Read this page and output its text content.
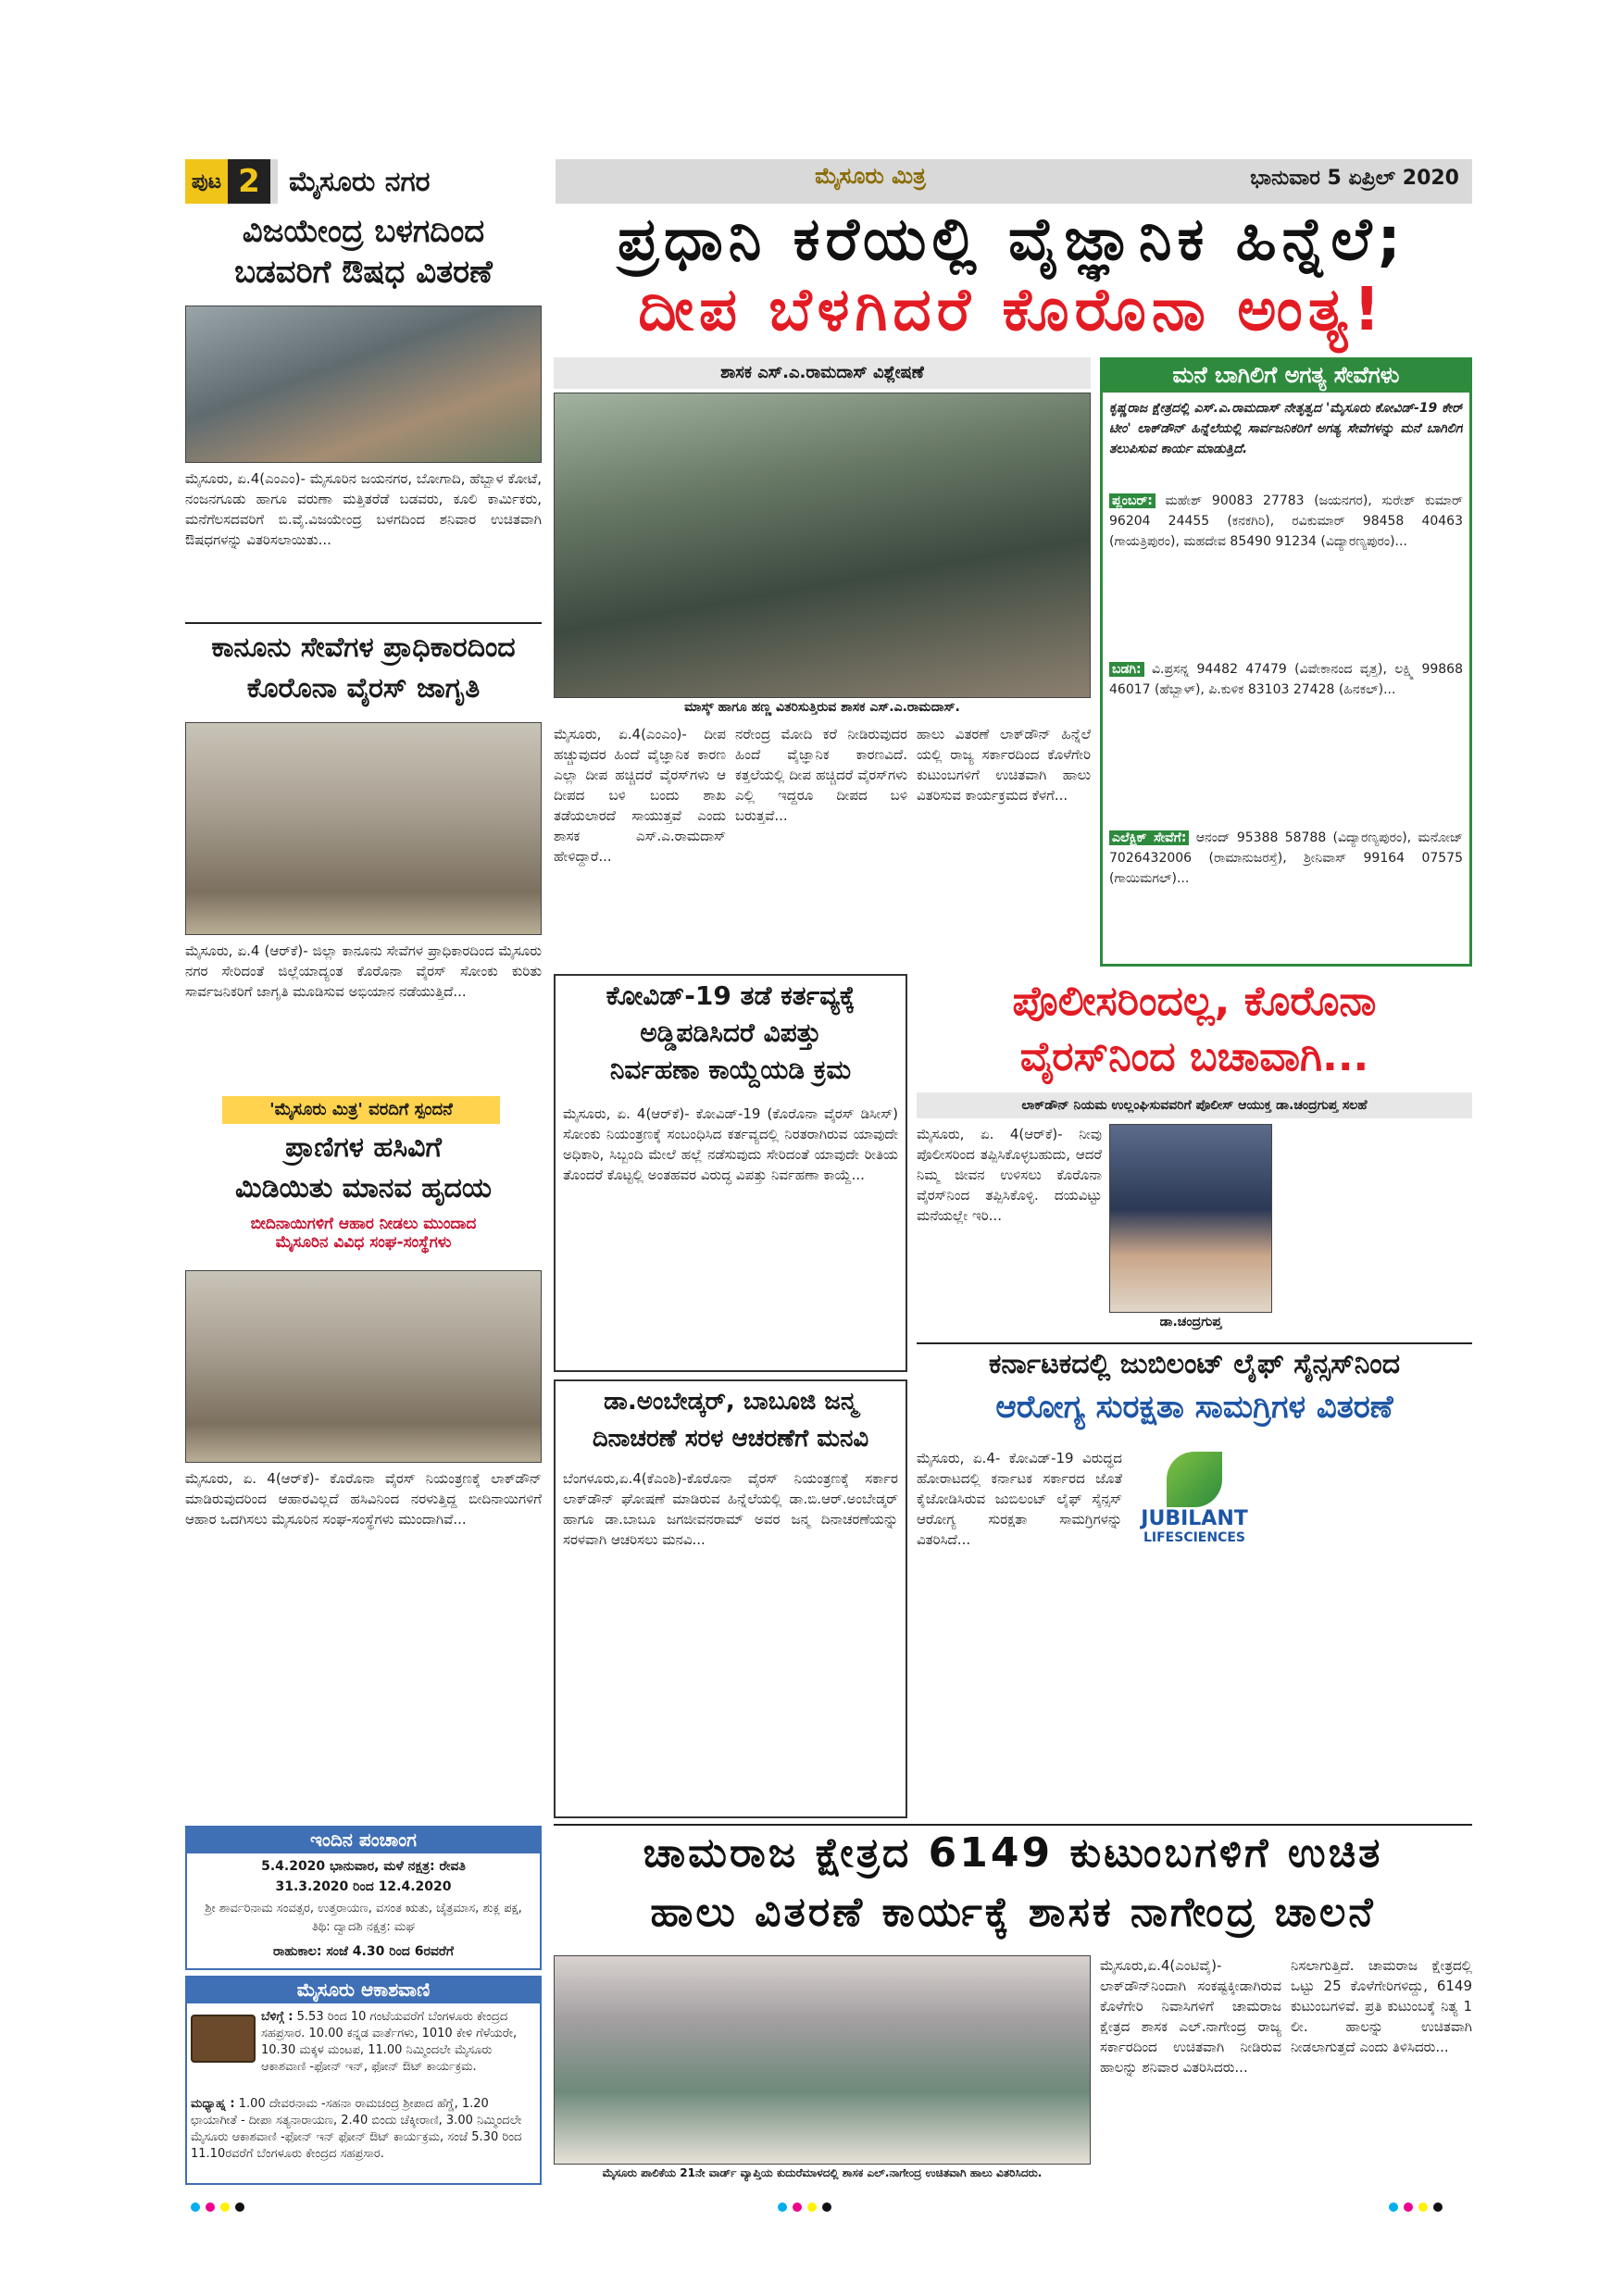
ಪುಟ 2	ಮೈಸೂರು ನಗರ	ಮೈಸೂರು ಮಿತ್ರ	ಭಾನುವಾರ 5 ಏಪ್ರಿಲ್ 2020
ವಿಜಯೇಂದ್ರ ಬಳಗದಿಂದ
ಬಡವರಿಗೆ ಔಷಧ ವಿತರಣೆ
ಮೈಸೂರು, ಏ.4(ಎಂಎಂ)- ಮೈಸೂರಿನ ಜಯನಗರ, ಬೋಗಾದಿ, ಹೆಬ್ಬಾಳ ಕೋಟೆ, ನಂಜನಗೂಡು ಹಾಗೂ ವರುಣಾ ಮತ್ತಿತರೆಡೆ ಬಡವರು, ಕೂಲಿ ಕಾರ್ಮಿಕರು, ಮನೆಗೆಲಸದವರಿಗೆ ಬಿ.ವೈ.ವಿಜಯೇಂದ್ರ ಬಳಗದಿಂದ ಶನಿವಾರ ಉಚಿತವಾಗಿ ಔಷಧಗಳನ್ನು ವಿತರಿಸಲಾಯಿತು...
ಕಾನೂನು ಸೇವೆಗಳ ಪ್ರಾಧಿಕಾರದಿಂದ
ಕೊರೊನಾ ವೈರಸ್ ಜಾಗೃತಿ
ಮೈಸೂರು, ಏ.4 (ಆರ್‌ಕೆ)- ಜಿಲ್ಲಾ ಕಾನೂನು ಸೇವೆಗಳ ಪ್ರಾಧಿಕಾರದಿಂದ ಮೈಸೂರು ನಗರ ಸೇರಿದಂತೆ ಜಿಲ್ಲೆಯಾದ್ಯಂತ ಕೊರೊನಾ ವೈರಸ್ ಸೋಂಕು ಕುರಿತು ಸಾರ್ವಜನಿಕರಿಗೆ ಜಾಗೃತಿ ಮೂಡಿಸುವ ಅಭಿಯಾನ ನಡೆಯುತ್ತಿದೆ...
'ಮೈಸೂರು ಮಿತ್ರ' ವರದಿಗೆ ಸ್ಪಂದನೆ
ಪ್ರಾಣಿಗಳ ಹಸಿವಿಗೆ
ಮಿಡಿಯಿತು ಮಾನವ ಹೃದಯ
ಬೀದಿನಾಯಿಗಳಿಗೆ ಆಹಾರ ನೀಡಲು ಮುಂದಾದ
ಮೈಸೂರಿನ ವಿವಿಧ ಸಂಘ-ಸಂಸ್ಥೆಗಳು
ಮೈಸೂರು, ಏ. 4(ಆರ್‌ಕೆ)- ಕೊರೊನಾ ವೈರಸ್ ನಿಯಂತ್ರಣಕ್ಕೆ ಲಾಕ್‌ಡೌನ್ ಮಾಡಿರುವುದರಿಂದ ಆಹಾರವಿಲ್ಲದೆ ಹಸಿವಿನಿಂದ ನರಳುತ್ತಿದ್ದ ಬೀದಿನಾಯಿಗಳಿಗೆ ಆಹಾರ ಒದಗಿಸಲು ಮೈಸೂರಿನ ಸಂಘ-ಸಂಸ್ಥೆಗಳು ಮುಂದಾಗಿವೆ...
ಇಂದಿನ ಪಂಚಾಂಗ
5.4.2020 ಭಾನುವಾರ, ಮಳೆ ನಕ್ಷತ್ರ: ರೇವತಿ
31.3.2020 ರಿಂದ 12.4.2020
ಶ್ರೀ ಶಾರ್ವರಿನಾಮ ಸಂವತ್ಸರ, ಉತ್ತರಾಯಣ, ವಸಂತ ಋತು, ಚೈತ್ರಮಾಸ, ಶುಕ್ಲ ಪಕ್ಷ, ತಿಥಿ: ದ್ವಾದಶಿ ನಕ್ಷತ್ರ: ಮಘ
ರಾಹುಕಾಲ: ಸಂಜೆ 4.30 ರಿಂದ 6ರವರೆಗೆ
ಮೈಸೂರು ಆಕಾಶವಾಣಿ
ಬೆಳಿಗ್ಗೆ : 5.53 ರಿಂದ 10 ಗಂಟೆಯವರೆಗೆ ಬೆಂಗಳೂರು ಕೇಂದ್ರದ ಸಹಪ್ರಸಾರ. 10.00 ಕನ್ನಡ ವಾರ್ತೆಗಳು, 1010 ಕೇಳಿ ಗೆಳೆಯರೇ, 10.30 ಮಕ್ಕಳ ಮಂಟಪ, 11.00 ನಿಮ್ಮಿಂದಲೇ ಮೈಸೂರು ಆಕಾಶವಾಣಿ -ಫೋನ್ ಇನ್, ಫೋನ್ ಔಟ್ ಕಾರ್ಯಕ್ರಮ.
ಮಧ್ಯಾಹ್ನ : 1.00 ದೇವರನಾಮ -ಸಹನಾ ರಾಮಚಂದ್ರ ಶ್ರೀಪಾದ ಹೆಗ್ಡೆ, 1.20 ಛಾಯಾಗೀತೆ - ದೀಪಾ ಸತ್ಯನಾರಾಯಣ, 2.40 ಬಿಂದು ಚೆಕ್ಕೀರಾಣಿ, 3.00 ನಿಮ್ಮಿಂದಲೇ ಮೈಸೂರು ಆಕಾಶವಾಣಿ -ಫೋನ್ ಇನ್ ಫೋನ್ ಔಟ್ ಕಾರ್ಯಕ್ರಮ, ಸಂಜೆ 5.30 ರಿಂದ 11.10ರವರೆಗೆ ಬೆಂಗಳೂರು ಕೇಂದ್ರದ ಸಹಪ್ರಸಾರ.
ಪ್ರಧಾನಿ ಕರೆಯಲ್ಲಿ ವೈಜ್ಞಾನಿಕ ಹಿನ್ನೆಲೆ;
ದೀಪ ಬೆಳಗಿದರೆ ಕೊರೊನಾ ಅಂತ್ಯ!
ಶಾಸಕ ಎಸ್.ಎ.ರಾಮದಾಸ್ ವಿಶ್ಲೇಷಣೆ
ಮಾಸ್ಕ್ ಹಾಗೂ ಹಣ್ಣ ವಿತರಿಸುತ್ತಿರುವ ಶಾಸಕ ಎಸ್.ಎ.ರಾಮದಾಸ್.
ಮೈಸೂರು, ಏ.4(ಎಂಎಂ)- ದೀಪ ಹಚ್ಚುವುದರ ಹಿಂದೆ ವೈಜ್ಞಾನಿಕ ಕಾರಣ ಎಲ್ಲಾ ದೀಪ ಹಚ್ಚಿದರೆ ವೈರಸ್‌ಗಳು ಆ ದೀಪದ ಬಳಿ ಬಂದು ಶಾಖ ತಡೆಯಲಾರದೆ ಸಾಯುತ್ತವೆ ಎಂದು ಶಾಸಕ ಎಸ್.ಎ.ರಾಮದಾಸ್ ಹೇಳಿದ್ದಾರೆ...
ನರೇಂದ್ರ ಮೋದಿ ಕರೆ ನೀಡಿರುವುದರ ಹಿಂದೆ ವೈಜ್ಞಾನಿಕ ಕಾರಣವಿದೆ. ಕತ್ತಲೆಯಲ್ಲಿ ದೀಪ ಹಚ್ಚಿದರೆ ವೈರಸ್‌ಗಳು ಎಲ್ಲಿ ಇದ್ದರೂ ದೀಪದ ಬಳಿ ಬರುತ್ತವೆ...
ಹಾಲು ವಿತರಣೆ ಲಾಕ್‌ಡೌನ್ ಹಿನ್ನೆಲೆ ಯಲ್ಲಿ ರಾಜ್ಯ ಸರ್ಕಾರದಿಂದ ಕೊಳೆಗೇರಿ ಕುಟುಂಬಗಳಿಗೆ ಉಚಿತವಾಗಿ ಹಾಲು ವಿತರಿಸುವ ಕಾರ್ಯಕ್ರಮದ ಕೆಳಗೆ...
ಮನೆ ಬಾಗಿಲಿಗೆ ಅಗತ್ಯ ಸೇವೆಗಳು
ಕೃಷ್ಣರಾಜ ಕ್ಷೇತ್ರದಲ್ಲಿ ಎಸ್.ಎ.ರಾಮದಾಸ್ ನೇತೃತ್ವದ 'ಮೈಸೂರು ಕೋವಿಡ್-19 ಕೇರ್ ಟೀಂ' ಲಾಕ್‌ಡೌನ್ ಹಿನ್ನೆಲೆಯಲ್ಲಿ ಸಾರ್ವಜನಿಕರಿಗೆ ಅಗತ್ಯ ಸೇವೆಗಳನ್ನು ಮನೆ ಬಾಗಿಲಿಗೆ ತಲುಪಿಸುವ ಕಾರ್ಯ ಮಾಡುತ್ತಿದೆ.
ಪ್ಲಂಬರ್: ಮಹೇಶ್ 90083 27783 (ಜಯನಗರ), ಸುರೇಶ್ ಕುಮಾರ್ 96204 24455 (ಕನಕಗಿರಿ), ರವಿಕುಮಾರ್ 98458 40463 (ಗಾಯತ್ರಿಪುರಂ), ಮಹದೇವ 85490 91234 (ವಿದ್ಯಾರಣ್ಯಪುರಂ)...
ಬಡಗಿ: ವಿ.ಪ್ರಸನ್ನ 94482 47479 (ವಿವೇಕಾನಂದ ವೃತ್ತ), ಲಕ್ಷ್ಮಿ 99868 46017 (ಹೆಬ್ಬಾಳ್), ಪಿ.ಕುಳಿಕ 83103 27428 (ಹಿನಕಲ್)...
ಎಲೆಕ್ಟ್ರಿಕ್ ಸೇವೆಗೆ: ಆನಂದ್ 95388 58788 (ವಿದ್ಯಾರಣ್ಯಪುರಂ), ಮನೋಜ್ 7026432006 (ರಾಮಾನುಜರಸ್ತೆ), ಶ್ರೀನಿವಾಸ್ 99164 07575 (ಗಾಯಿಮಗಲ್)...
ಕೋವಿಡ್-19 ತಡೆ ಕರ್ತವ್ಯಕ್ಕೆ
ಅಡ್ಡಿಪಡಿಸಿದರೆ ವಿಪತ್ತು
ನಿರ್ವಹಣಾ ಕಾಯ್ದೆಯಡಿ ಕ್ರಮ
ಮೈಸೂರು, ಏ. 4(ಆರ್‌ಕೆ)- ಕೋವಿಡ್-19 (ಕೊರೊನಾ ವೈರಸ್ ಡಿಸೀಸ್) ಸೋಂಕು ನಿಯಂತ್ರಣಕ್ಕೆ ಸಂಬಂಧಿಸಿದ ಕರ್ತವ್ಯದಲ್ಲಿ ನಿರತರಾಗಿರುವ ಯಾವುದೇ ಅಧಿಕಾರಿ, ಸಿಬ್ಬಂದಿ ಮೇಲೆ ಹಲ್ಲೆ ನಡೆಸುವುದು ಸೇರಿದಂತೆ ಯಾವುದೇ ರೀತಿಯ ತೊಂದರೆ ಕೊಟ್ಟಲ್ಲಿ ಅಂತಹವರ ವಿರುದ್ಧ ವಿಪತ್ತು ನಿರ್ವಹಣಾ ಕಾಯ್ದೆ...
ಪೊಲೀಸರಿಂದಲ್ಲ, ಕೊರೊನಾ
ವೈರಸ್‌ನಿಂದ ಬಚಾವಾಗಿ...
ಲಾಕ್‌ಡೌನ್ ನಿಯಮ ಉಲ್ಲಂಘಿಸುವವರಿಗೆ ಪೊಲೀಸ್ ಆಯುಕ್ತ ಡಾ.ಚಂದ್ರಗುಪ್ತ ಸಲಹೆ
ಮೈಸೂರು, ಏ. 4(ಆರ್‌ಕೆ)- ನೀವು ಪೊಲೀಸರಿಂದ ತಪ್ಪಿಸಿಕೊಳ್ಳಬಹುದು, ಆದರೆ ನಿಮ್ಮ ಜೀವನ ಉಳಿಸಲು ಕೊರೊನಾ ವೈರಸ್‌ನಿಂದ ತಪ್ಪಿಸಿಕೊಳ್ಳಿ. ದಯವಿಟ್ಟು ಮನೆಯಲ್ಲೇ ಇರಿ...
ಡಾ.ಚಂದ್ರಗುಪ್ತ
ಕರ್ನಾಟಕದಲ್ಲಿ ಜುಬಿಲಂಟ್ ಲೈಫ್ ಸೈನ್ಸಸ್‌ನಿಂದ
ಆರೋಗ್ಯ ಸುರಕ್ಷತಾ ಸಾಮಗ್ರಿಗಳ ವಿತರಣೆ
JUBILANT
LIFESCIENCES
ಮೈಸೂರು, ಏ.4- ಕೋವಿಡ್-19 ವಿರುದ್ಧದ ಹೋರಾಟದಲ್ಲಿ ಕರ್ನಾಟಕ ಸರ್ಕಾರದ ಜೊತೆ ಕೈಜೋಡಿಸಿರುವ ಜುಬಿಲಂಟ್ ಲೈಫ್ ಸೈನ್ಸಸ್ ಆರೋಗ್ಯ ಸುರಕ್ಷತಾ ಸಾಮಗ್ರಿಗಳನ್ನು ವಿತರಿಸಿದೆ...
ಡಾ.ಅಂಬೇಡ್ಕರ್, ಬಾಬೂಜಿ ಜನ್ಮ
ದಿನಾಚರಣೆ ಸರಳ ಆಚರಣೆಗೆ ಮನವಿ
ಬೆಂಗಳೂರು,ಏ.4(ಕೆಎಂಶಿ)-ಕೊರೊನಾ ವೈರಸ್ ನಿಯಂತ್ರಣಕ್ಕೆ ಸರ್ಕಾರ ಲಾಕ್‌ಡೌನ್ ಘೋಷಣೆ ಮಾಡಿರುವ ಹಿನ್ನೆಲೆಯಲ್ಲಿ ಡಾ.ಬಿ.ಆರ್.ಅಂಬೇಡ್ಕರ್ ಹಾಗೂ ಡಾ.ಬಾಬೂ ಜಗಜೀವನರಾಮ್ ಅವರ ಜನ್ಮ ದಿನಾಚರಣೆಯನ್ನು ಸರಳವಾಗಿ ಆಚರಿಸಲು ಮನವಿ...
ಚಾಮರಾಜ ಕ್ಷೇತ್ರದ 6149 ಕುಟುಂಬಗಳಿಗೆ ಉಚಿತ
ಹಾಲು ವಿತರಣೆ ಕಾರ್ಯಕ್ಕೆ ಶಾಸಕ ನಾಗೇಂದ್ರ ಚಾಲನೆ
ಮೈಸೂರು ಪಾಲಿಕೆಯ 21ನೇ ವಾರ್ಡ್ ವ್ಯಾಪ್ತಿಯ ಕುದುರೆಮಾಳದಲ್ಲಿ ಶಾಸಕ ಎಲ್.ನಾಗೇಂದ್ರ ಉಚಿತವಾಗಿ ಹಾಲು ವಿತರಿಸಿದರು.
ಮೈಸೂರು,ಏ.4(ಎಂಟಿವೈ)- ಲಾಕ್‌ಡೌನ್‌ನಿಂದಾಗಿ ಸಂಕಷ್ಟಕ್ಕೀಡಾಗಿರುವ ಕೊಳೆಗೇರಿ ನಿವಾಸಿಗಳಿಗೆ ಚಾಮರಾಜ ಕ್ಷೇತ್ರದ ಶಾಸಕ ಎಲ್.ನಾಗೇಂದ್ರ ರಾಜ್ಯ ಸರ್ಕಾರದಿಂದ ಉಚಿತವಾಗಿ ನೀಡಿರುವ ಹಾಲನ್ನು ಶನಿವಾರ ವಿತರಿಸಿದರು...
ನಿಸಲಾಗುತ್ತಿದೆ. ಚಾಮರಾಜ ಕ್ಷೇತ್ರದಲ್ಲಿ ಒಟ್ಟು 25 ಕೊಳೆಗೇರಿಗಳಿದ್ದು, 6149 ಕುಟುಂಬಗಳಿವೆ. ಪ್ರತಿ ಕುಟುಂಬಕ್ಕೆ ನಿತ್ಯ 1 ಲೀ. ಹಾಲನ್ನು ಉಚಿತವಾಗಿ ನೀಡಲಾಗುತ್ತದೆ ಎಂದು ತಿಳಿಸಿದರು...
